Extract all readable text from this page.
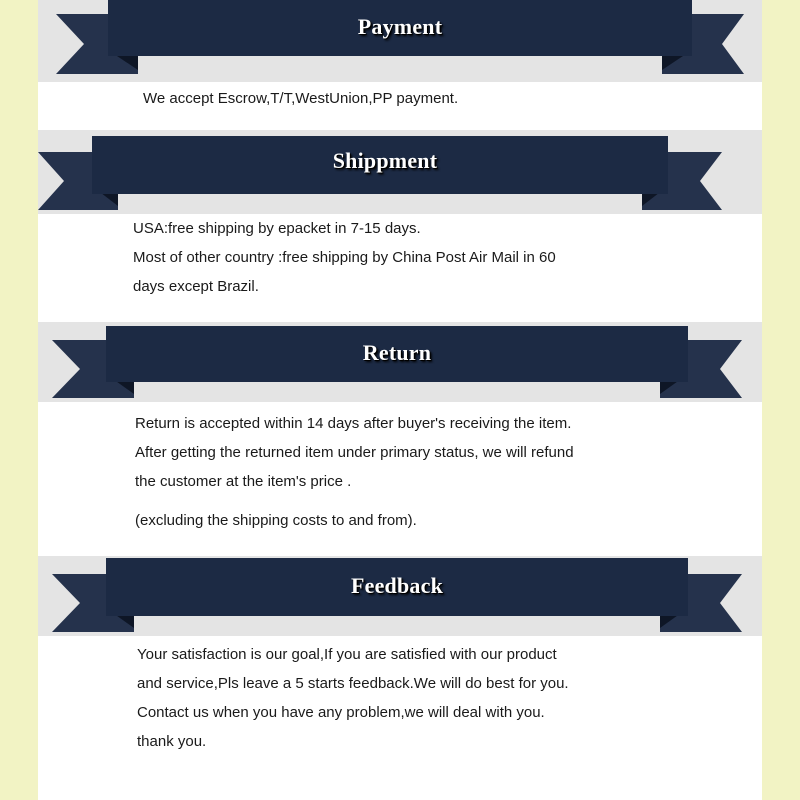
Payment
Shippment
Return
Feedback
We accept Escrow,T/T,WestUnion,PP payment.
USA:free shipping by epacket in 7-15 days.
Most of other country :free shipping by China Post Air Mail in 60
days except Brazil.
Return is accepted within 14 days after buyer's receiving the item.
After getting the returned item under primary status, we will refund
the customer at the item's price .
(excluding the shipping costs to and from).
Your satisfaction is our goal,If you are satisfied with our product
and service,Pls leave a 5 starts feedback.We will do best for you.
Contact us when you have any problem,we will deal with you.
thank you.
